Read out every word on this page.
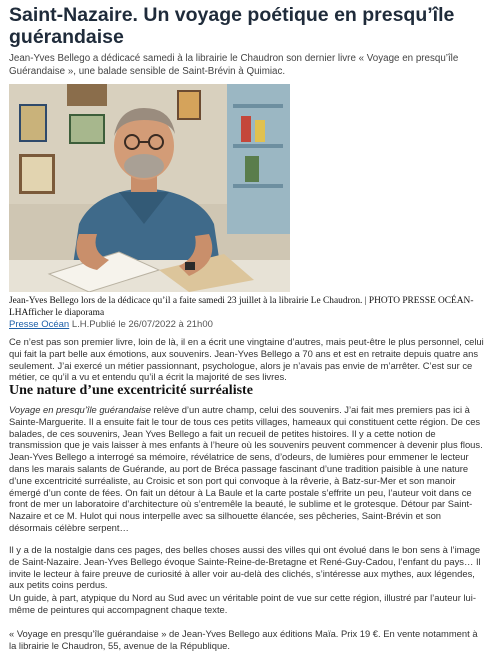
Saint-Nazaire. Un voyage poétique en presqu’île guérandaise

Jean-Yves Bellego a dédicacé samedi à la librairie le Chaudron son dernier livre « Voyage en presqu’île Guérandaise », une balade sensible de Saint-Brévin à Quimiac.

Jean-Yves Bellego lors de la dédicace qu’il a faite samedi 23 juillet à la librairie Le Chaudron. | PHOTO PRESSE OCÉAN-LHAfficher le diaporama

Presse Océan L.H.Publié le 26/07/2022 à 21h00

Ce n’est pas son premier livre, loin de là, il en a écrit une vingtaine d’autres, mais peut-être le plus personnel, celui qui fait la part belle aux émotions, aux souvenirs. Jean-Yves Bellego a 70 ans et est en retraite depuis quatre ans seulement. J’ai exercé un métier passionnant, psychologue, alors je n’avais pas envie de m’arrêter. C’est sur ce métier, ce qu’il a vu et entendu qu’il a écrit la majorité de ses livres.

Une nature d’une excentricité surréaliste

Voyage en presqu’île guérandaise relève d’un autre champ, celui des souvenirs. J’ai fait mes premiers pas ici à Sainte-Marguerite. Il a ensuite fait le tour de tous ces petits villages, hameaux qui constituent cette région. De ces balades, de ces souvenirs, Jean Yves Bellego a fait un recueil de petites histoires. Il y a cette notion de transmission que je vais laisser à mes enfants à l’heure où les souvenirs peuvent commencer à devenir plus flous. Jean-Yves Bellego a interrogé sa mémoire, révélatrice de sens, d’odeurs, de lumières pour emmener le lecteur dans les marais salants de Guérande, au port de Bréca passage fascinant d’une tradition paisible à une nature d’une excentricité surréaliste, au Croisic et son port qui convoque à la rêverie, à Batz-sur-Mer et son manoir émergé d’un conte de fées. On fait un détour à La Baule et la carte postale s’effrite un peu, l’auteur voit dans ce front de mer un laboratoire d’architecture où s’entremêle la beauté, le sublime et le grotesque. Détour par Saint-Nazaire et ce M. Hulot qui nous interpelle avec sa silhouette élancée, ses pêcheries, Saint-Brévin et son désormais célèbre serpent…

Il y a de la nostalgie dans ces pages, des belles choses aussi des villes qui ont évolué dans le bon sens à l’image de Saint-Nazaire. Jean-Yves Bellego évoque Sainte-Reine-de-Bretagne et René-Guy-Cadou, l’enfant du pays… Il invite le lecteur à faire preuve de curiosité à aller voir au-delà des clichés, s’intéresse aux mythes, aux légendes, aux petits coins perdus.

Un guide, à part, atypique du Nord au Sud avec un véritable point de vue sur cette région, illustré par l’auteur lui-même de peintures qui accompagnent chaque texte.

« Voyage en presqu’île guérandaise » de Jean-Yves Bellego aux éditions Maïa. Prix 19 €. En vente notamment à la librairie le Chaudron, 55, avenue de la République.
